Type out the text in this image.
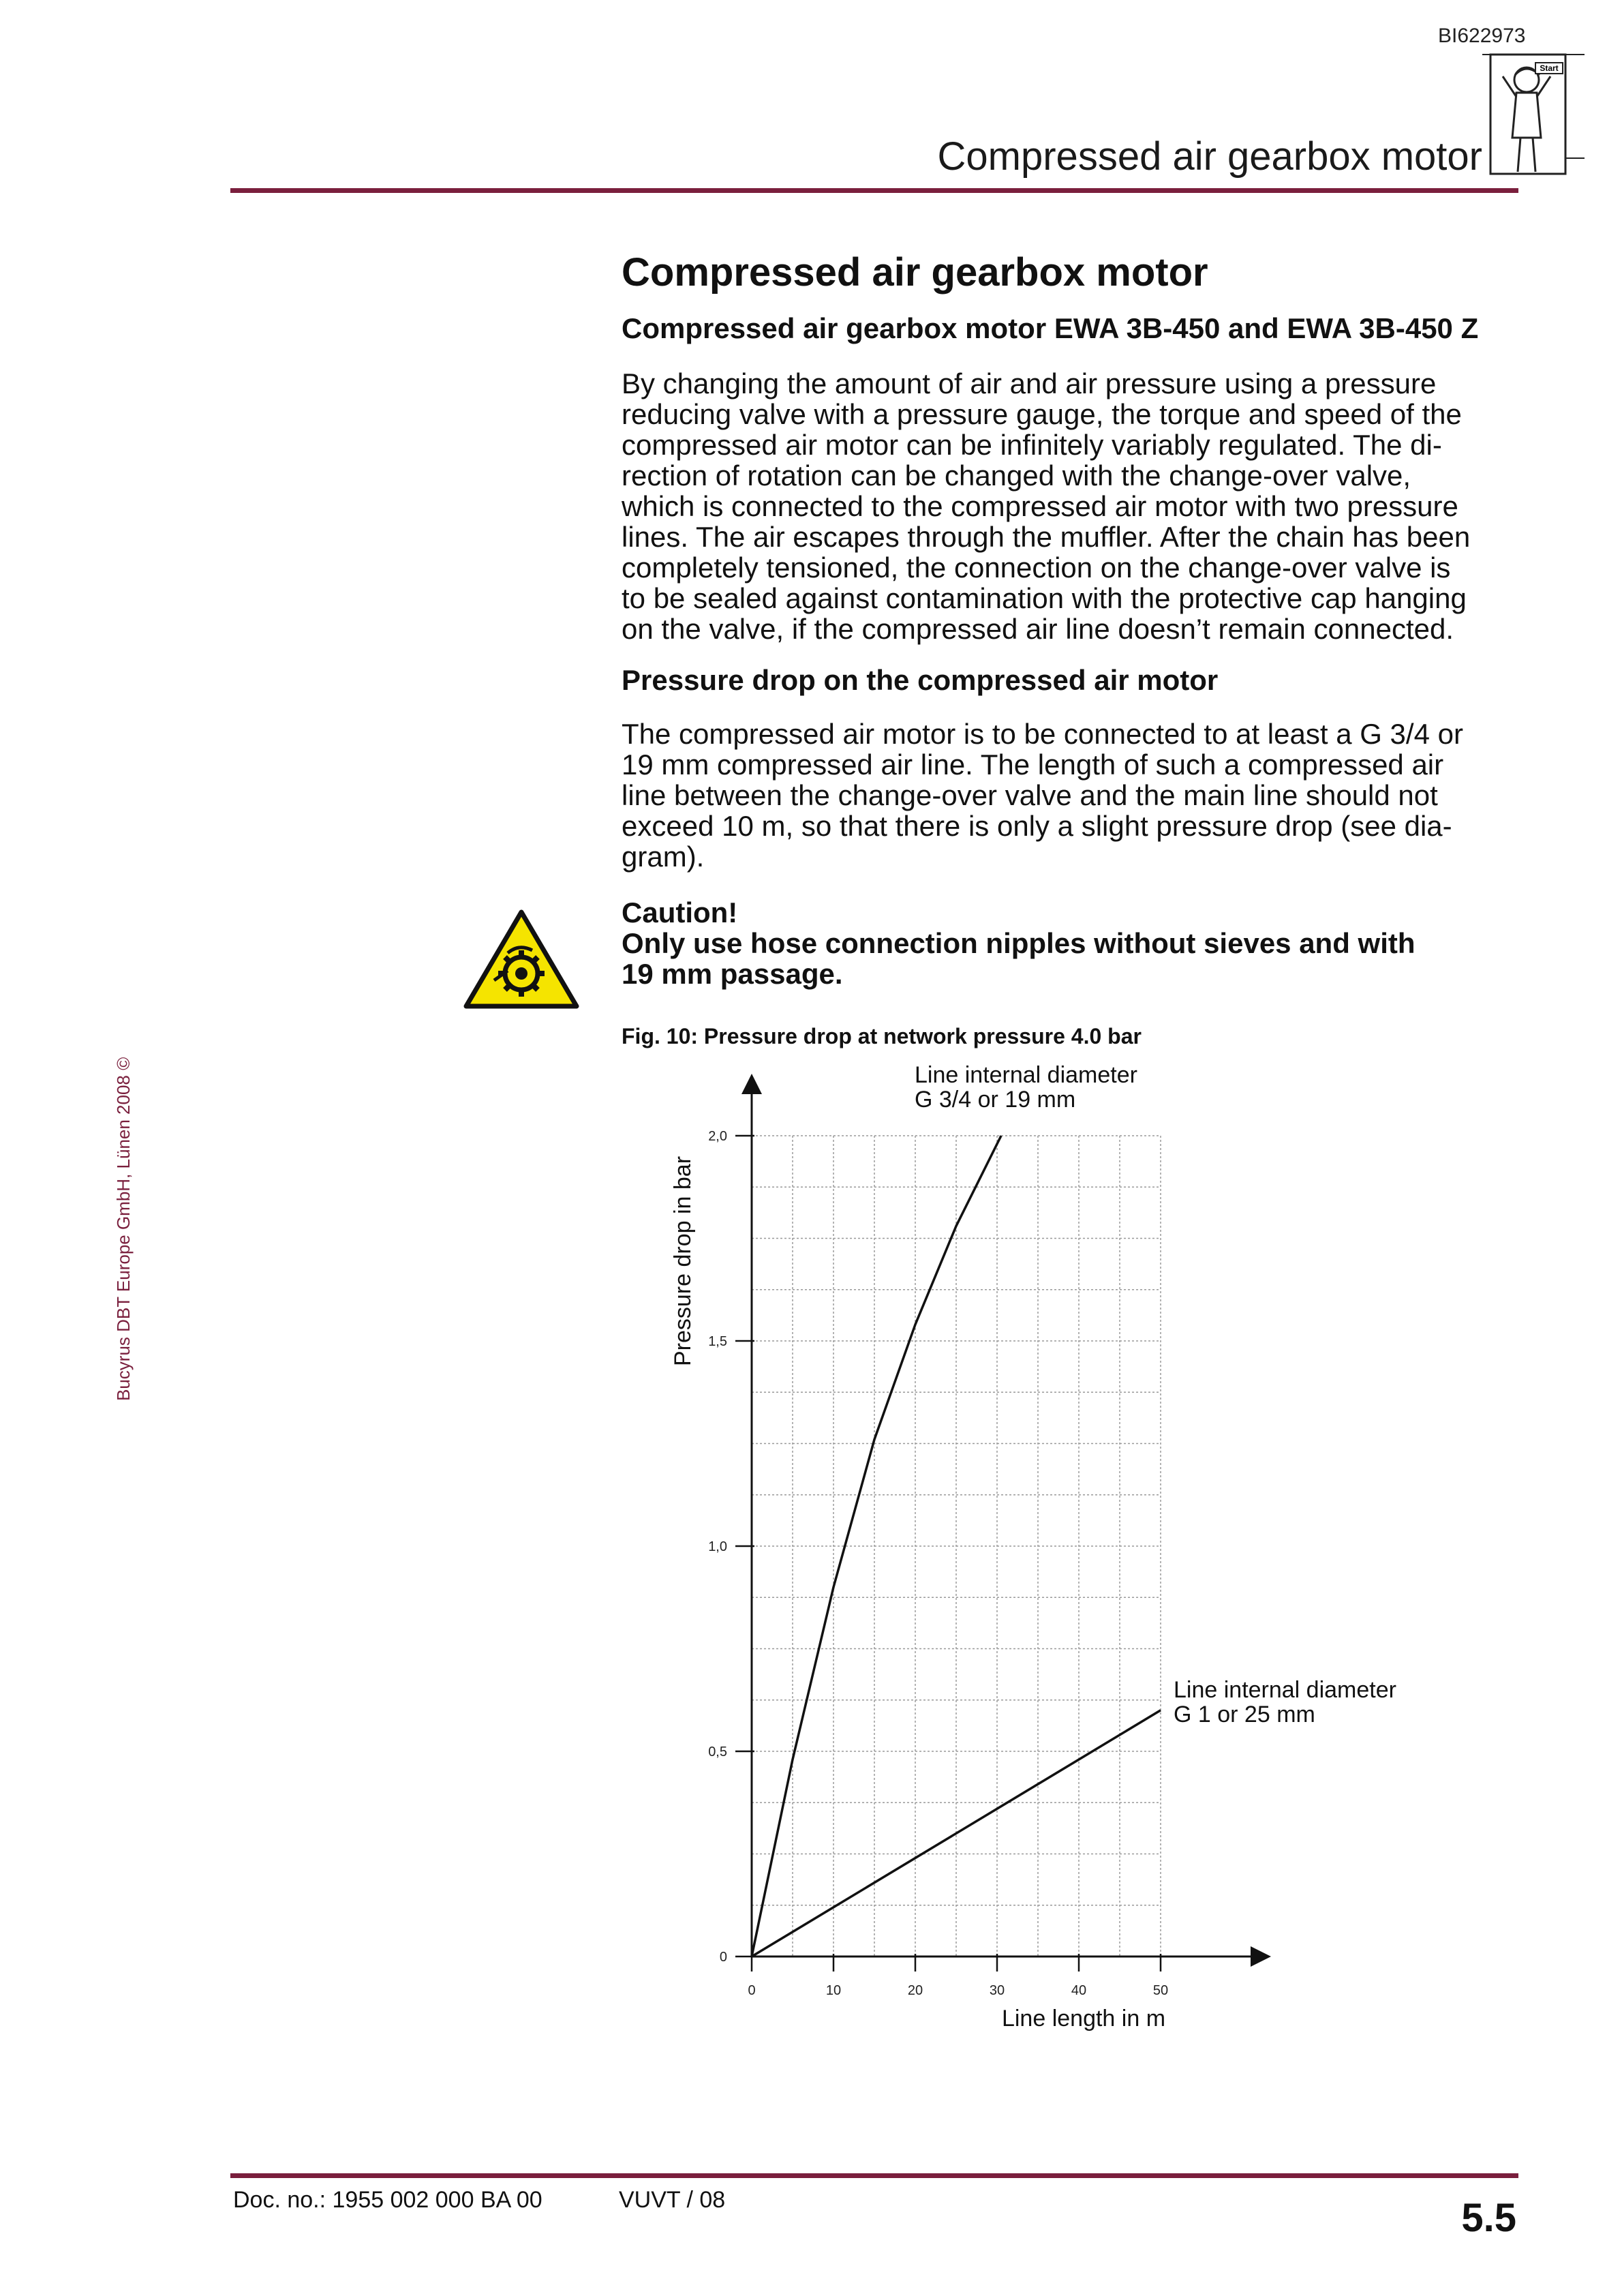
BI622973
Start
Compressed air gearbox motor
Bucyrus DBT Europe GmbH, Lünen 2008 ©
Compressed air gearbox motor
Compressed air gearbox motor EWA 3B-450 and EWA 3B-450 Z
By changing the amount of air and air pressure using a pressure
reducing valve with a pressure gauge, the torque and speed of the
compressed air motor can be infinitely variably regulated. The di-
rection of rotation can be changed with the change-over valve,
which is connected to the compressed air motor with two pressure
lines. The air escapes through the muffler. After the chain has been
completely tensioned, the connection on the change-over valve is
to be sealed against contamination with the protective cap hanging
on the valve, if the compressed air line doesn’t remain connected.
Pressure drop on the compressed air motor
The compressed air motor is to be connected to at least a G 3/4 or
19 mm compressed air line. The length of such a compressed air
line between the change-over valve and the main line should not
exceed 10 m, so that there is only a slight pressure drop (see dia-
gram).
Caution!
Only use hose connection nipples without sieves and with
19 mm passage.
Fig. 10: Pressure drop at network pressure 4.0 bar
0	10	20	30	40	50
0
0,5
1,0
1,5
2,0
Pressure drop in bar
Line length in m
Line internal diameter
G 3/4 or 19 mm
Line internal diameter
G 1 or 25 mm
Doc. no.: 1955 002 000 BA 00	VUVT / 08	5.5
